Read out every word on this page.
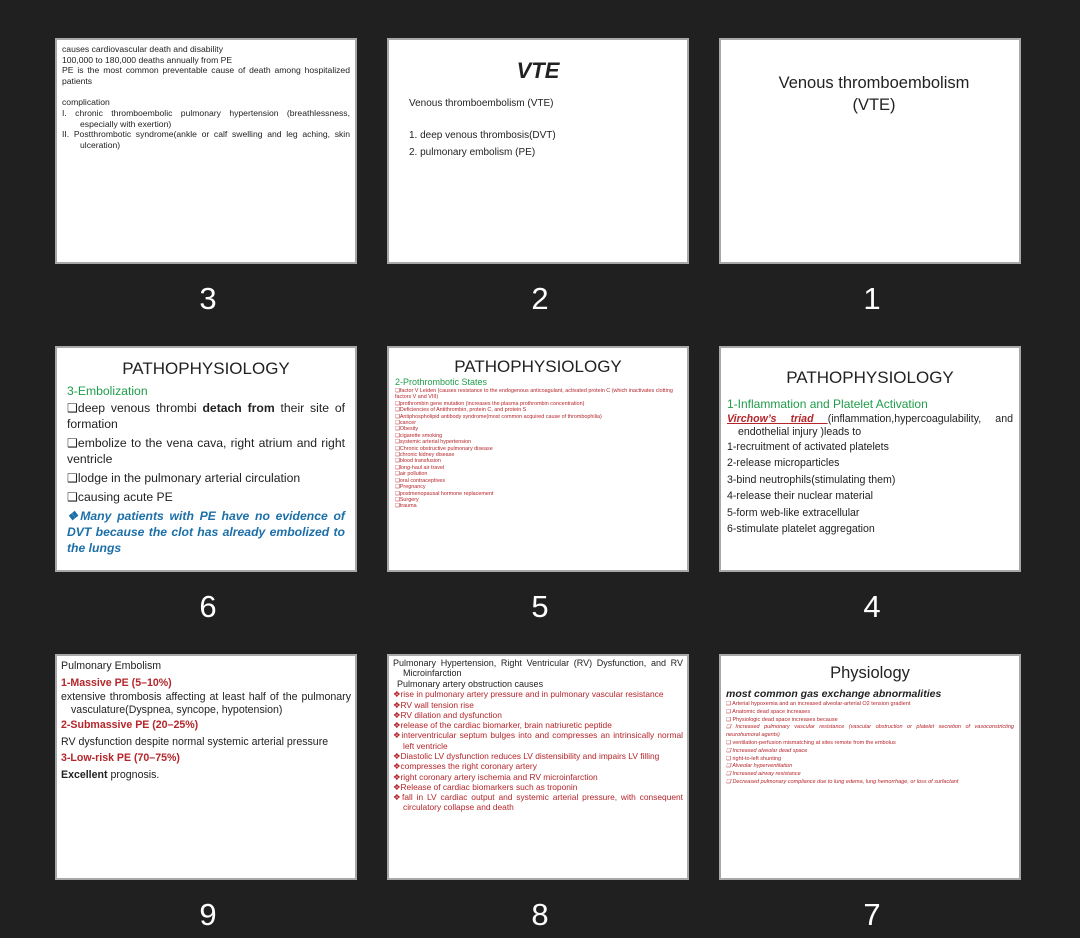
causes cardiovascular death and disability

100,000 to 180,000 deaths annually from PE

PE is the most common preventable cause of death among hospitalized patients

complication

I. chronic thromboembolic pulmonary hypertension (breathlessness, especially with exertion)

II. Postthrombotic syndrome(ankle or calf swelling and leg aching, skin ulceration)

3
VTE
Venous thromboembolism (VTE)
1. deep venous thrombosis(DVT)
2. pulmonary embolism (PE)
2
Venous thromboembolism
(VTE)
1
PATHOPHYSIOLOGY
3-Embolization
❑deep venous thrombi detach from their site of formation
❑embolize to the vena cava, right atrium and right ventricle
❑lodge in the pulmonary arterial circulation
❑causing acute PE
❖Many patients with PE have no evidence of DVT because the clot has already embolized to the lungs
6
PATHOPHYSIOLOGY
2-Prothrombotic States
❑factor V Leiden (causes resistance to the endogenous anticoagulant, activated protein C (which inactivates clotting factors V and VIII)
❑prothrombin gene mutation (increases the plasma prothrombin concentration)
❑Deficiencies of Antithrombin, protein C, and protein S
❑Antiphospholipid antibody syndrome(most common acquired cause of thrombophilia)
❑cancer
❑Obesity
❑cigarette smoking
❑systemic arterial hypertension
❑Chronic obstructive pulmonary disease
❑chronic kidney disease
❑blood transfusion
❑long-haul air travel
❑air pollution
❑oral contraceptives
❑Pregnancy
❑postmenopausal hormone replacement
❑Surgery
❑trauma
5
PATHOPHYSIOLOGY
1-Inflammation and Platelet Activation
Virchow’s triad (inflammation,hypercoagulability, and endothelial injury )leads to
1-recruitment of activated platelets
2-release microparticles
3-bind neutrophils(stimulating them)
4-release their nuclear material
5-form web-like extracellular
6-stimulate platelet aggregation
4
Pulmonary Embolism
1-Massive PE (5–10%)
extensive thrombosis affecting at least half of the pulmonary vasculature(Dyspnea, syncope, hypotension)
2-Submassive PE (20–25%)
RV dysfunction despite normal systemic arterial pressure
3-Low-risk PE (70–75%)
Excellent prognosis.
9
Pulmonary Hypertension, Right Ventricular (RV) Dysfunction, and RV Microinfarction
Pulmonary artery obstruction causes
❖rise in pulmonary artery pressure and in pulmonary vascular resistance
❖RV wall tension rise
❖RV dilation and dysfunction
❖release of the cardiac biomarker, brain natriuretic peptide
❖interventricular septum bulges into and compresses an intrinsically normal left ventricle
❖Diastolic LV dysfunction reduces LV distensibility and impairs LV filling
❖compresses the right coronary artery
❖right coronary artery ischemia and RV microinfarction
❖Release of cardiac biomarkers such as troponin
❖fall in LV cardiac output and systemic arterial pressure, with consequent circulatory collapse and death
8
Physiology
most common gas exchange abnormalities
❑ Arterial hypoxemia and an increased alveolar-arterial O2 tension gradient
❑ Anatomic dead space increases
❑ Physiologic dead space increases because
❑ Increased pulmonary vascular resistance (vascular obstruction or platelet secretion of vasoconstricting neurohumoral agents)
❑ ventilation-perfusion mismatching at sites remote from the embolus
❑ Increased alveolar dead space
❑ right-to-left shunting
❑ Alveolar hyperventilation
❑ Increased airway resistance
❑ Decreased pulmonary compliance due to lung edema, lung hemorrhage, or loss of surfactant
7
